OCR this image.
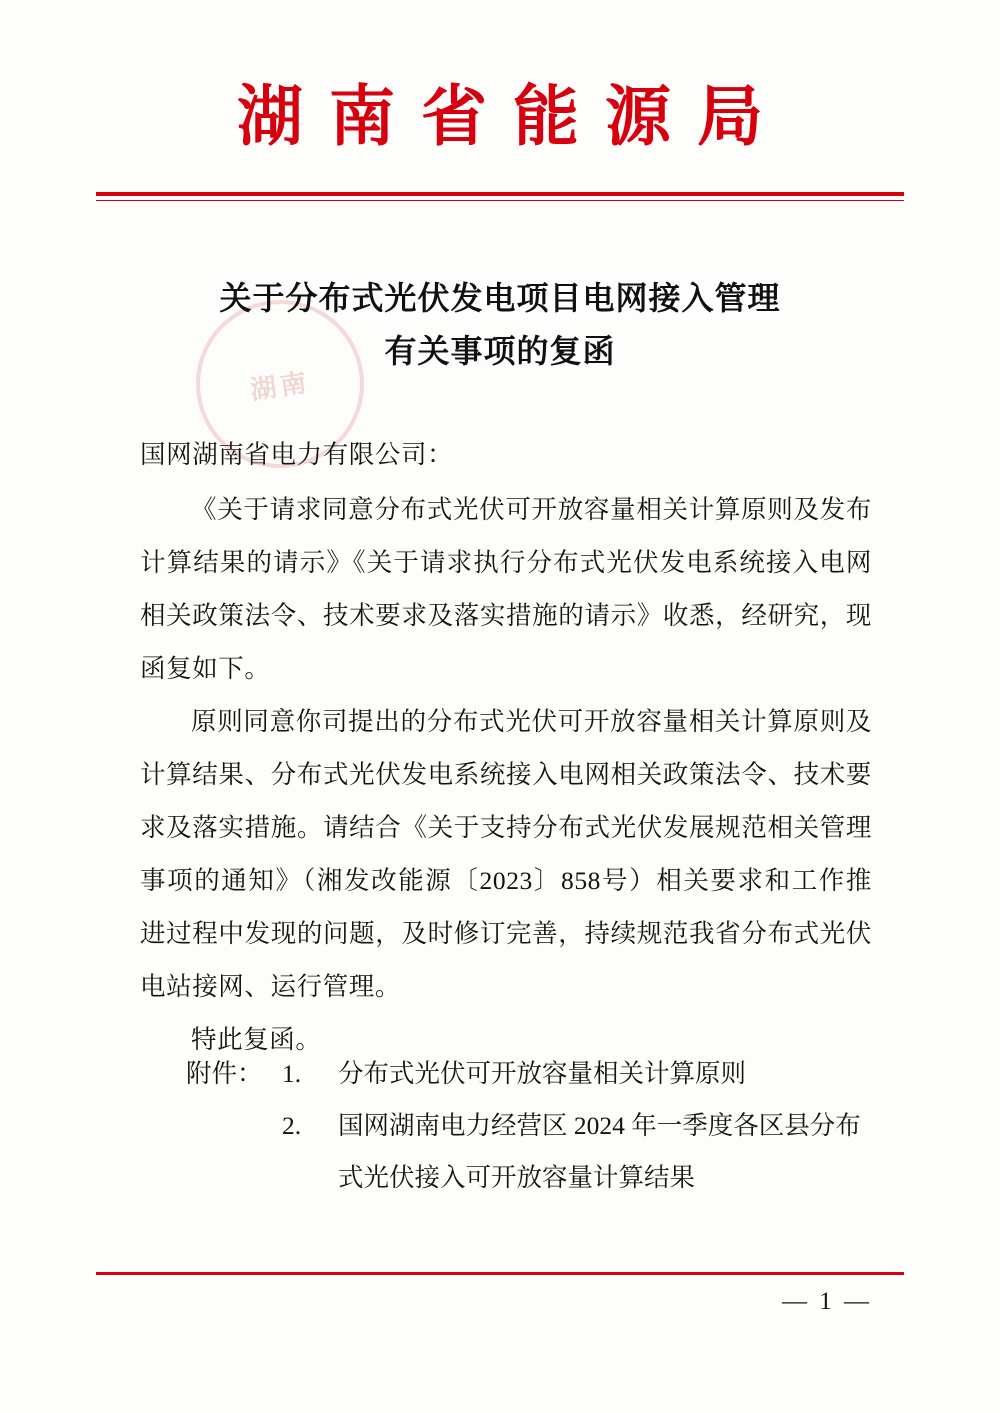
湖南省能源局
湖南
关于分布式光伏发电项目电网接入管理
有关事项的复函

国网湖南省电力有限公司：

《关于请求同意分布式光伏可开放容量相关计算原则及发布计算结果的请示》《关于请求执行分布式光伏发电系统接入电网相关政策法令、技术要求及落实措施的请示》收悉，经研究，现函复如下。

原则同意你司提出的分布式光伏可开放容量相关计算原则及计算结果、分布式光伏发电系统接入电网相关政策法令、技术要求及落实措施。请结合《关于支持分布式光伏发展规范相关管理事项的通知》（湘发改能源〔2023〕858号）相关要求和工作推进过程中发现的问题，及时修订完善，持续规范我省分布式光伏电站接网、运行管理。

特此复函。

附件： 1.	分布式光伏可开放容量相关计算原则
2.	国网湖南电力经营区 2024 年一季度各区县分布
式光伏接入可开放容量计算结果
— 1 —
